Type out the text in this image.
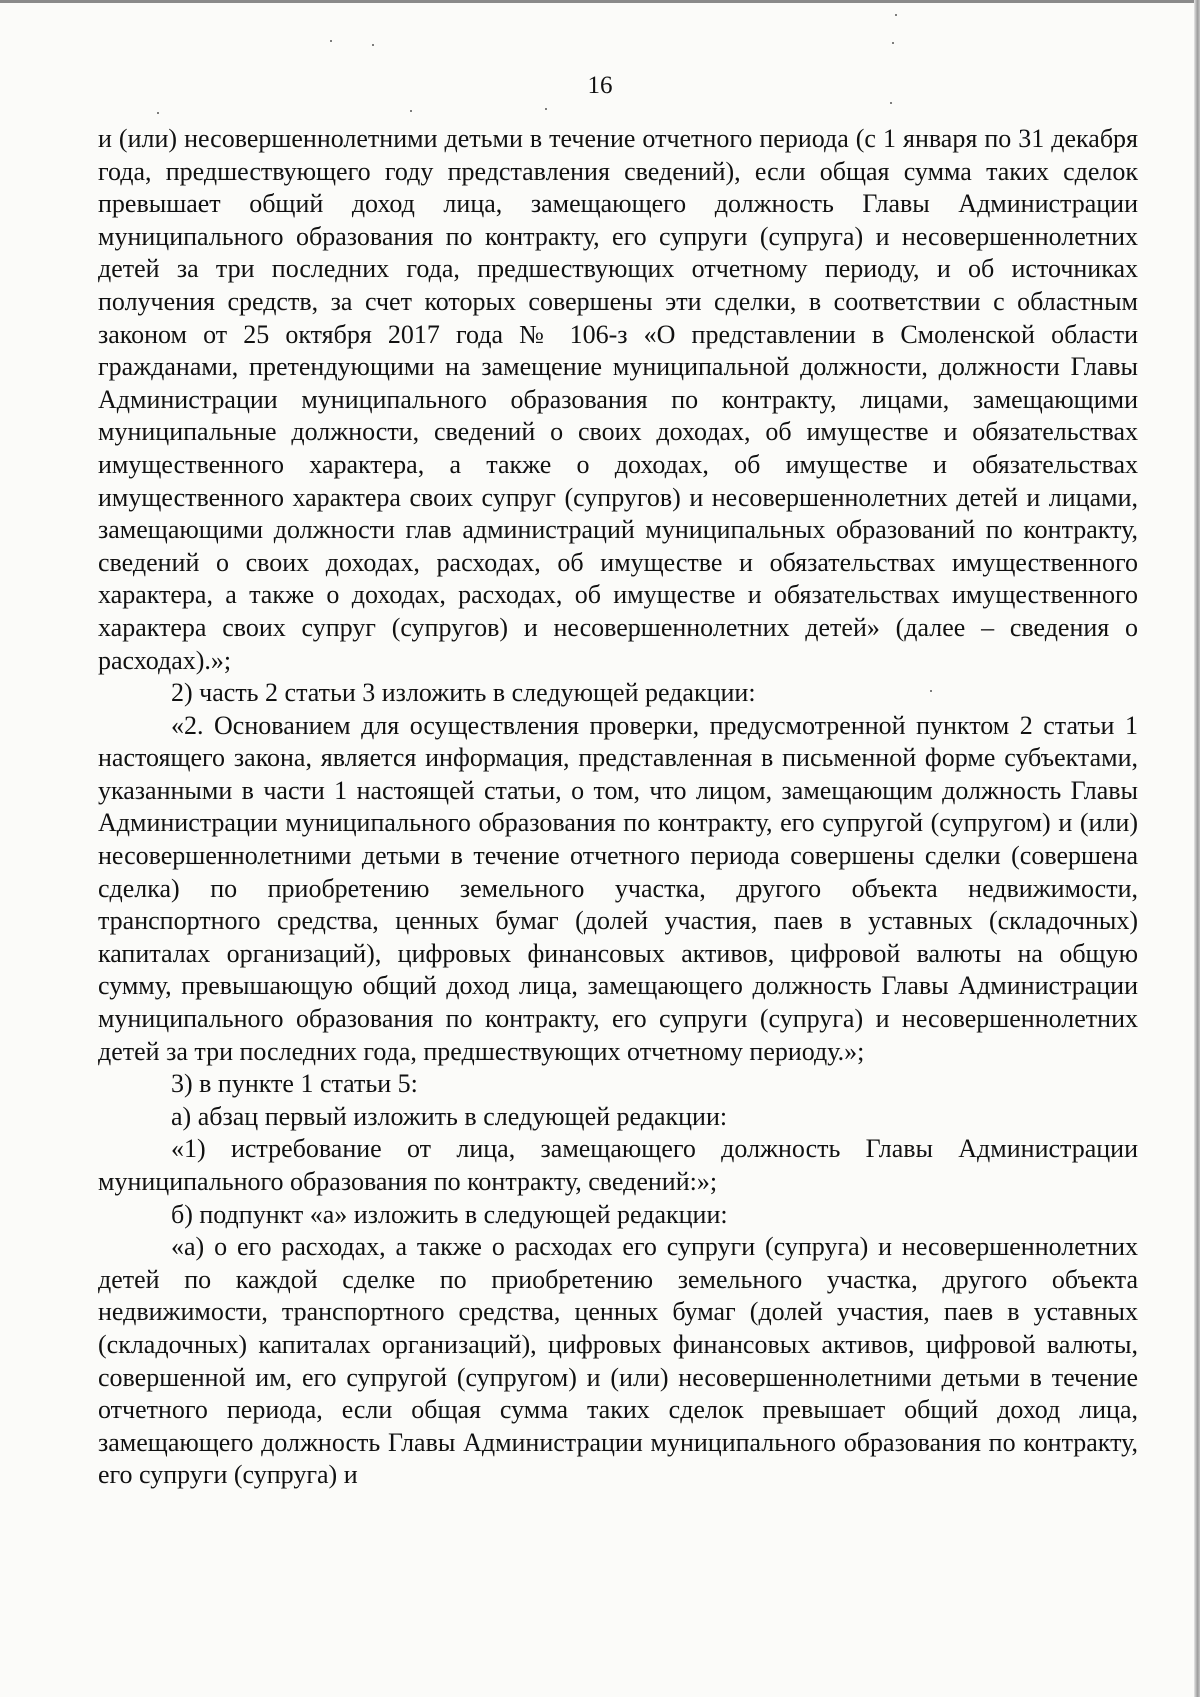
16

и (или) несовершеннолетними детьми в течение отчетного периода (с 1 января по 31 декабря года, предшествующего году представления сведений), если общая сумма таких сделок превышает общий доход лица, замещающего должность Главы Администрации муниципального образования по контракту, его супруги (супруга) и несовершеннолетних детей за три последних года, предшествующих отчетному периоду, и об источниках получения средств, за счет которых совершены эти сделки, в соответствии с областным законом от 25 октября 2017 года № 106-з «О представлении в Смоленской области гражданами, претендующими на замещение муниципальной должности, должности Главы Администрации муниципального образования по контракту, лицами, замещающими муниципальные должности, сведений о своих доходах, об имуществе и обязательствах имущественного характера, а также о доходах, об имуществе и обязательствах имущественного характера своих супруг (супругов) и несовершеннолетних детей и лицами, замещающими должности глав администраций муниципальных образований по контракту, сведений о своих доходах, расходах, об имуществе и обязательствах имущественного характера, а также о доходах, расходах, об имуществе и обязательствах имущественного характера своих супруг (супругов) и несовершеннолетних детей» (далее – сведения о расходах).»;

2) часть 2 статьи 3 изложить в следующей редакции:

«2. Основанием для осуществления проверки, предусмотренной пунктом 2 статьи 1 настоящего закона, является информация, представленная в письменной форме субъектами, указанными в части 1 настоящей статьи, о том, что лицом, замещающим должность Главы Администрации муниципального образования по контракту, его супругой (супругом) и (или) несовершеннолетними детьми в течение отчетного периода совершены сделки (совершена сделка) по приобретению земельного участка, другого объекта недвижимости, транспортного средства, ценных бумаг (долей участия, паев в уставных (складочных) капиталах организаций), цифровых финансовых активов, цифровой валюты на общую сумму, превышающую общий доход лица, замещающего должность Главы Администрации муниципального образования по контракту, его супруги (супруга) и несовершеннолетних детей за три последних года, предшествующих отчетному периоду.»;

3) в пункте 1 статьи 5:

а) абзац первый изложить в следующей редакции:

«1) истребование от лица, замещающего должность Главы Администрации муниципального образования по контракту, сведений:»;

б) подпункт «а» изложить в следующей редакции:

«а) о его расходах, а также о расходах его супруги (супруга) и несовершеннолетних детей по каждой сделке по приобретению земельного участка, другого объекта недвижимости, транспортного средства, ценных бумаг (долей участия, паев в уставных (складочных) капиталах организаций), цифровых финансовых активов, цифровой валюты, совершенной им, его супругой (супругом) и (или) несовершеннолетними детьми в течение отчетного периода, если общая сумма таких сделок превышает общий доход лица, замещающего должность Главы Администрации муниципального образования по контракту, его супруги (супруга) и
